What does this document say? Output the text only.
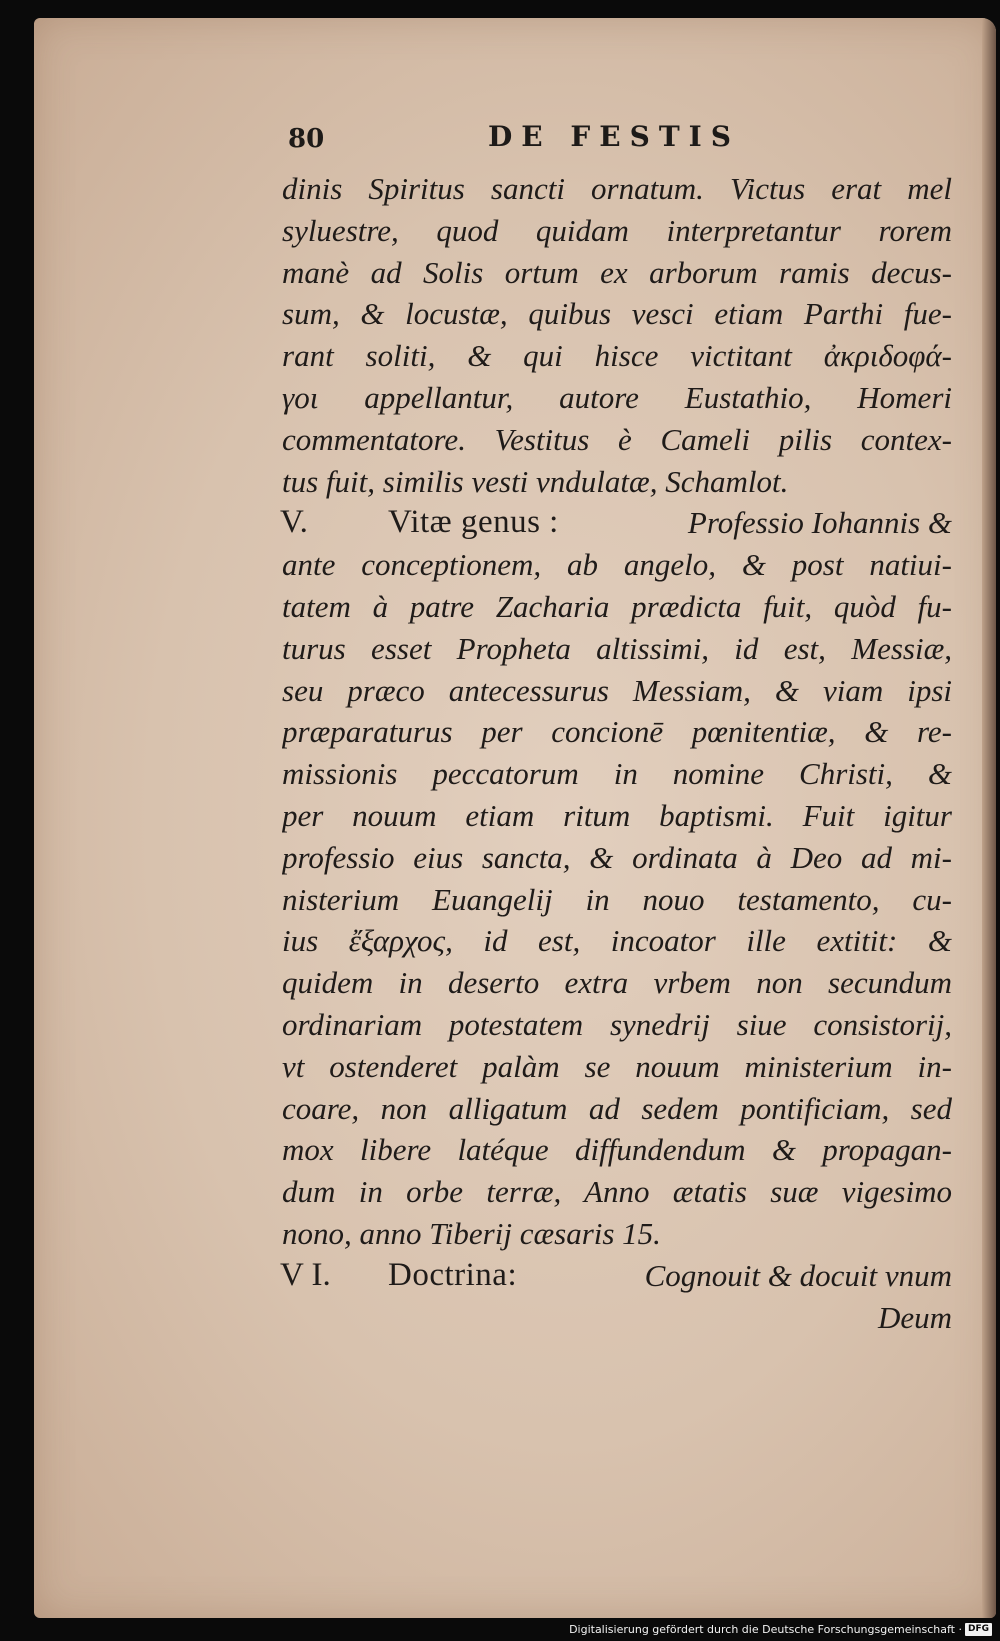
80	DE FESTIS
dinis Spiritus sancti ornatum. Victus erat mel
syluestre, quod quidam interpretantur rorem
manè ad Solis ortum ex arborum ramis decus-
sum, & locustæ, quibus vesci etiam Parthi fue-
rant soliti, & qui hisce victitant ἀκριδοφά-
γοι appellantur, autore Eustathio, Homeri
commentatore. Vestitus è Cameli pilis contex-
tus fuit, similis vesti vndulatæ, Schamlot.
V. Vitæ genus :	Professio Iohannis &
ante conceptionem, ab angelo, & post natiui-
tatem à patre Zacharia prædicta fuit, quòd fu-
turus esset Propheta altissimi, id est, Messiæ,
seu præco antecessurus Messiam, & viam ipsi
præparaturus per concionē pœnitentiæ, & re-
missionis peccatorum in nomine Christi, &
per nouum etiam ritum baptismi. Fuit igitur
professio eius sancta, & ordinata à Deo ad mi-
nisterium Euangelij in nouo testamento, cu-
ius ἔξαρχος, id est, incoator ille extitit: &
quidem in deserto extra vrbem non secundum
ordinariam potestatem synedrij siue consistorij,
vt ostenderet palàm se nouum ministerium in-
coare, non alligatum ad sedem pontificiam, sed
mox libere latéque diffundendum & propagan-
dum in orbe terræ, Anno ætatis suæ vigesimo
nono, anno Tiberij cæsaris 15.
V I. Doctrina:	Cognouit & docuit vnum
Deum
Digitalisierung gefördert durch die Deutsche Forschungsgemeinschaft · DFG
